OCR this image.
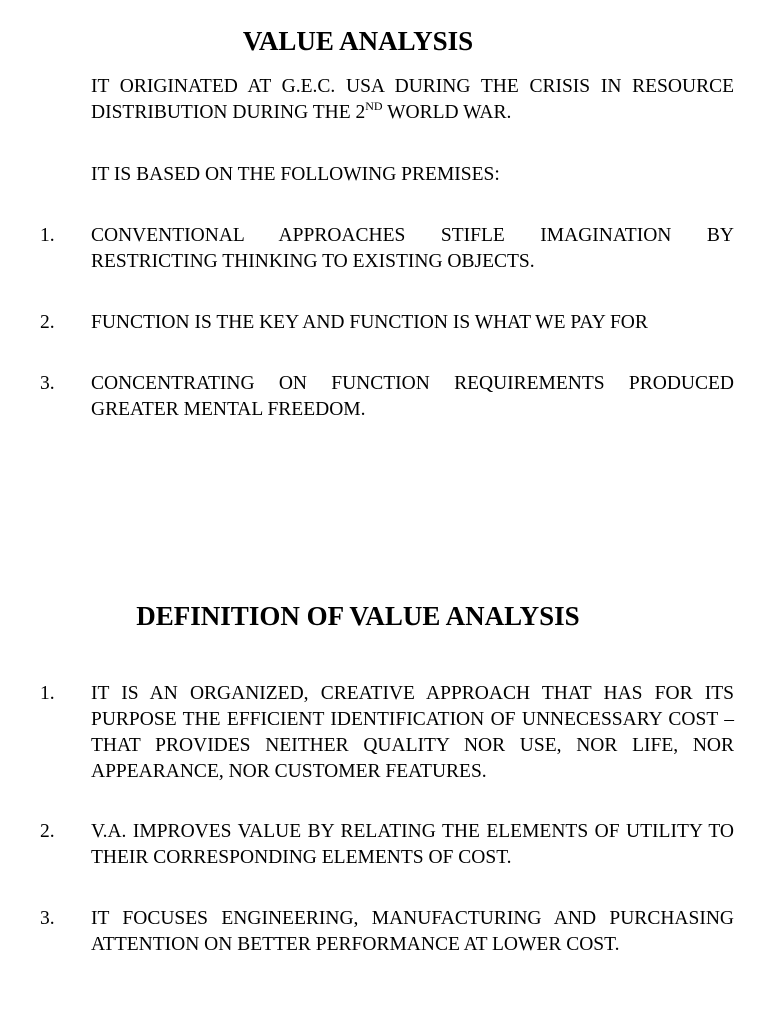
VALUE ANALYSIS

IT ORIGINATED AT G.E.C. USA DURING THE CRISIS IN RESOURCE DISTRIBUTION DURING THE 2ND WORLD WAR.

IT IS BASED ON THE FOLLOWING PREMISES:

1. CONVENTIONAL APPROACHES STIFLE IMAGINATION BY RESTRICTING THINKING TO EXISTING OBJECTS.

2. FUNCTION IS THE KEY AND FUNCTION IS WHAT WE PAY FOR

3. CONCENTRATING ON FUNCTION REQUIREMENTS PRODUCED GREATER MENTAL FREEDOM.

DEFINITION OF VALUE ANALYSIS
1. IT IS AN ORGANIZED, CREATIVE APPROACH THAT HAS FOR ITS PURPOSE THE EFFICIENT IDENTIFICATION OF UNNECESSARY COST – THAT PROVIDES NEITHER QUALITY NOR USE, NOR LIFE, NOR APPEARANCE, NOR CUSTOMER FEATURES.

2. V.A. IMPROVES VALUE BY RELATING THE ELEMENTS OF UTILITY TO THEIR CORRESPONDING ELEMENTS OF COST.

3. IT FOCUSES ENGINEERING, MANUFACTURING AND PURCHASING ATTENTION ON BETTER PERFORMANCE AT LOWER COST.
